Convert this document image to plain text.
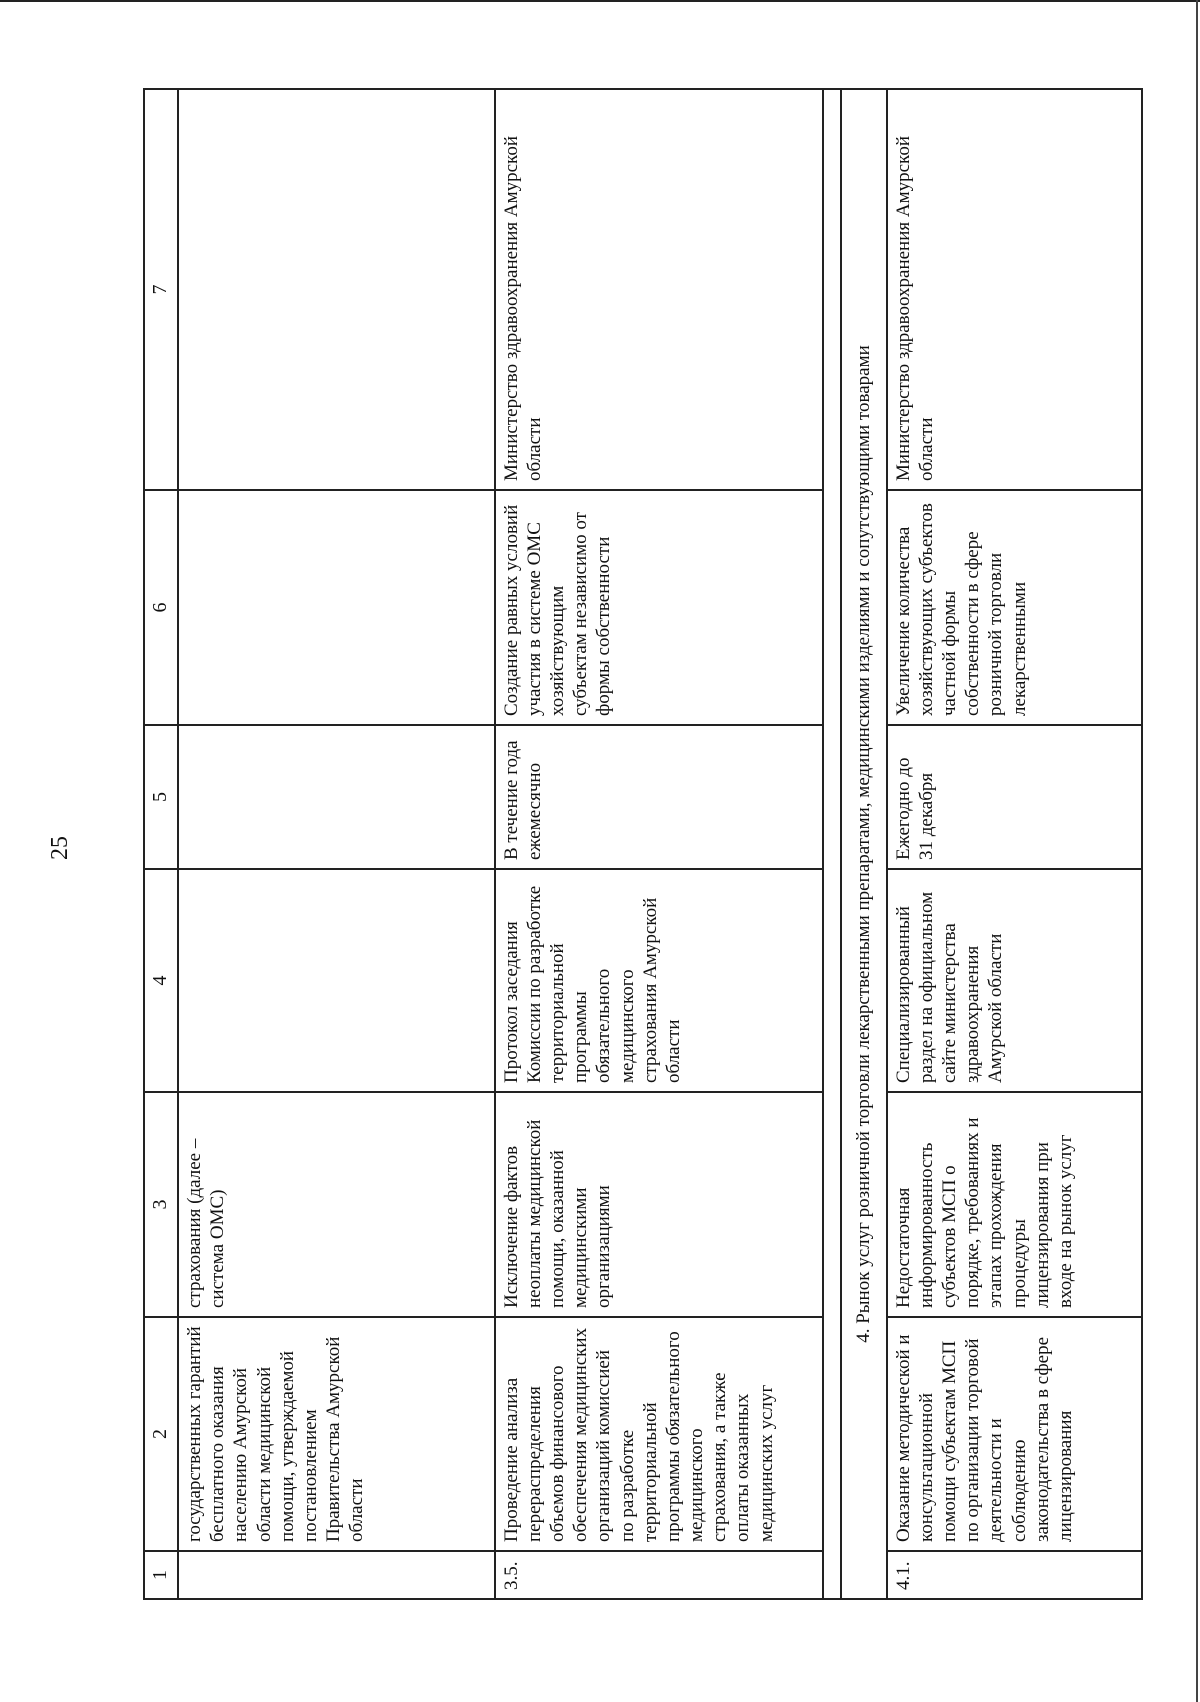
25
1	2	3	4	5	6	7
	государственных гарантий бесплатного оказания населению Амурской области медицинской помощи, утверждаемой постановлением Правительства Амурской области	страхования (далее – система ОМС)				
3.5.	Проведение анализа перераспределения объемов финансового обеспечения медицинских организаций комиссией по разработке территориальной программы обязательного медицинского страхования, а также оплаты оказанных медицинских услуг	Исключение фактов неоплаты медицинской помощи, оказанной медицинскими организациями	Протокол заседания Комиссии по разработке территориальной программы обязательного медицинского страхования Амурской области	В течение года ежемесячно	Создание равных условий участия в системе ОМС хозяйствующим субъектам независимо от формы собственности	Министерство здравоохранения Амурской области

4. Рынок услуг розничной торговли лекарственными препаратами, медицинскими изделиями и сопутствующими товарами						
4.1.	Оказание методической и консультационной помощи субъектам МСП по организации торговой деятельности и соблюдению законодательства в сфере лицензирования	Недостаточная информированность субъектов МСП о порядке, требованиях и этапах прохождения процедуры лицензирования при входе на рынок услуг	Специализированный раздел на официальном сайте министерства здравоохранения Амурской области	Ежегодно до 31 декабря	Увеличение количества хозяйствующих субъектов частной формы собственности в сфере розничной торговли лекарственными	Министерство здравоохранения Амурской области
